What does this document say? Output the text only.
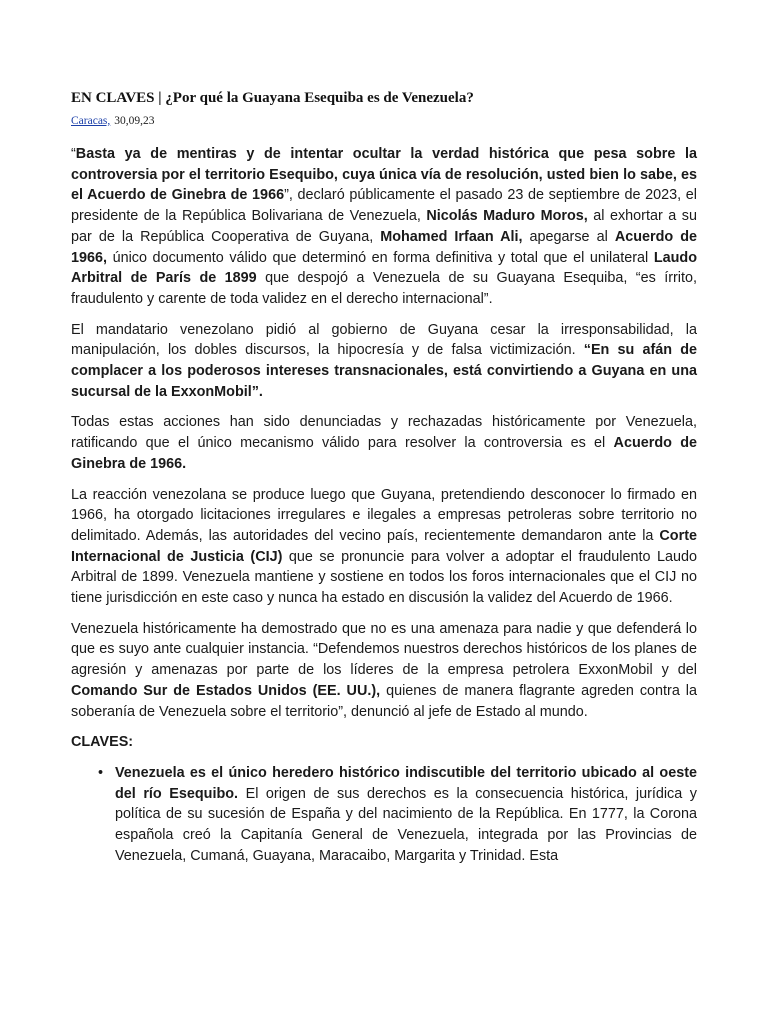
EN CLAVES | ¿Por qué la Guayana Esequiba es de Venezuela?
Caracas, 30,09,23

“Basta ya de mentiras y de intentar ocultar la verdad histórica que pesa sobre la controversia por el territorio Esequibo, cuya única vía de resolución, usted bien lo sabe, es el Acuerdo de Ginebra de 1966”, declaró públicamente el pasado 23 de septiembre de 2023, el presidente de la República Bolivariana de Venezuela, Nicolás Maduro Moros, al exhortar a su par de la República Cooperativa de Guyana, Mohamed Irfaan Ali, apegarse al Acuerdo de 1966, único documento válido que determinó en forma definitiva y total que el unilateral Laudo Arbitral de París de 1899 que despojó a Venezuela de su Guayana Esequiba, “es írrito, fraudulento y carente de toda validez en el derecho internacional”.

El mandatario venezolano pidió al gobierno de Guyana cesar la irresponsabilidad, la manipulación, los dobles discursos, la hipocresía y de falsa victimización. “En su afán de complacer a los poderosos intereses transnacionales, está convirtiendo a Guyana en una sucursal de la ExxonMobil”.

Todas estas acciones han sido denunciadas y rechazadas históricamente por Venezuela, ratificando que el único mecanismo válido para resolver la controversia es el Acuerdo de Ginebra de 1966.

La reacción venezolana se produce luego que Guyana, pretendiendo desconocer lo firmado en 1966, ha otorgado licitaciones irregulares e ilegales a empresas petroleras sobre territorio no delimitado. Además, las autoridades del vecino país, recientemente demandaron ante la Corte Internacional de Justicia (CIJ) que se pronuncie para volver a adoptar el fraudulento Laudo Arbitral de 1899. Venezuela mantiene y sostiene en todos los foros internacionales que el CIJ no tiene jurisdicción en este caso y nunca ha estado en discusión la validez del Acuerdo de 1966.

Venezuela históricamente ha demostrado que no es una amenaza para nadie y que defenderá lo que es suyo ante cualquier instancia. “Defendemos nuestros derechos históricos de los planes de agresión y amenazas por parte de los líderes de la empresa petrolera ExxonMobil y del Comando Sur de Estados Unidos (EE. UU.), quienes de manera flagrante agreden contra la soberanía de Venezuela sobre el territorio”, denunció al jefe de Estado al mundo.

CLAVES:

• Venezuela es el único heredero histórico indiscutible del territorio ubicado al oeste del río Esequibo. El origen de sus derechos es la consecuencia histórica, jurídica y política de su sucesión de España y del nacimiento de la República. En 1777, la Corona española creó la Capitanía General de Venezuela, integrada por las Provincias de Venezuela, Cumaná, Guayana, Maracaibo, Margarita y Trinidad. Esta
